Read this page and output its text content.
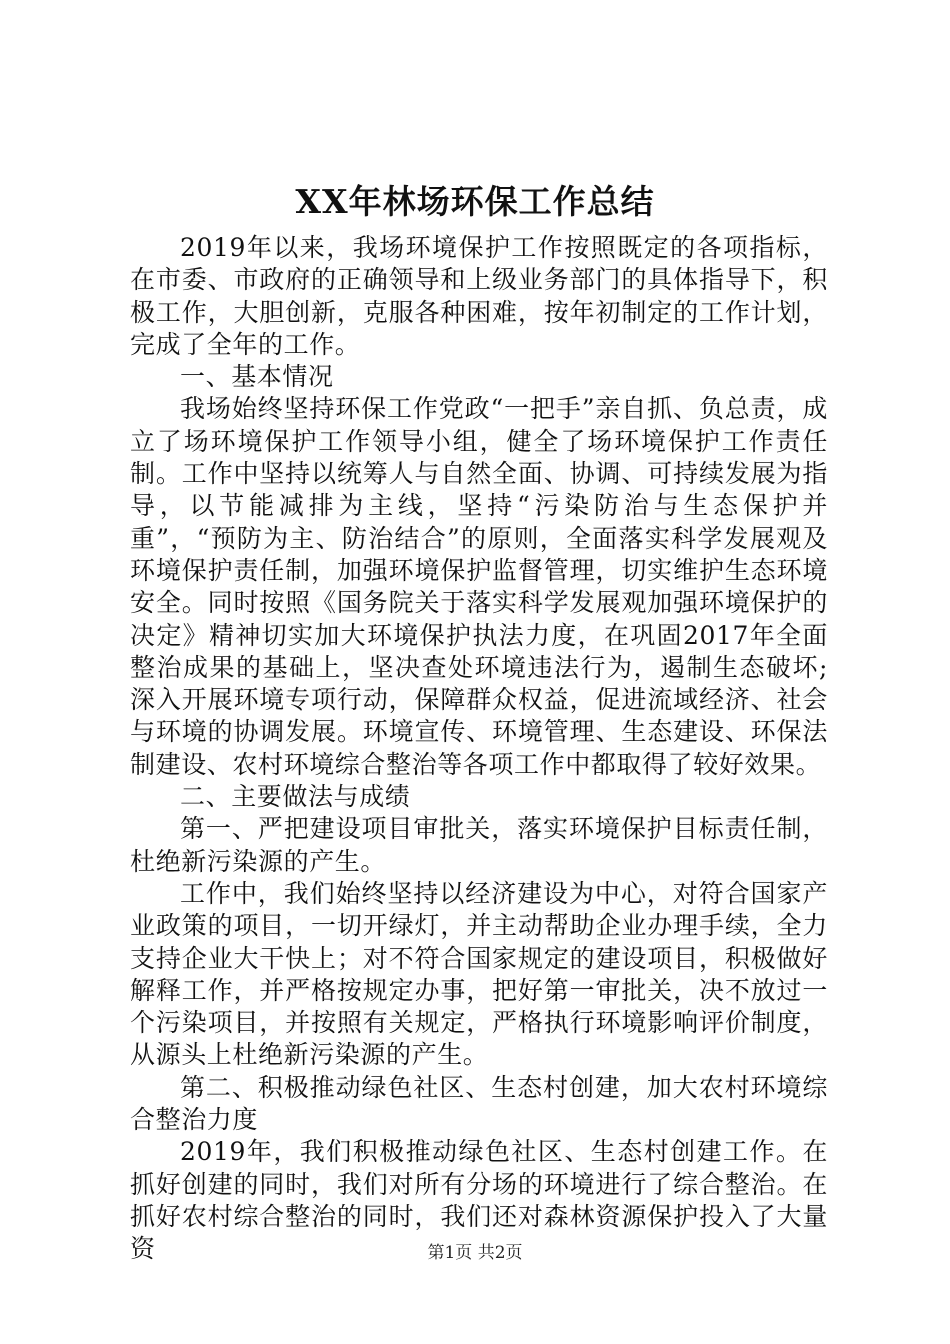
XX年林场环保工作总结

2019年以来，我场环境保护工作按照既定的各项指标，在市委、市政府的正确领导和上级业务部门的具体指导下，积极工作，大胆创新，克服各种困难，按年初制定的工作计划，完成了全年的工作。

一、基本情况

我场始终坚持环保工作党政“一把手”亲自抓、负总责，成立了场环境保护工作领导小组，健全了场环境保护工作责任制。工作中坚持以统筹人与自然全面、协调、可持续发展为指导，以节能减排为主线，坚持“污染防治与生态保护并重”，“预防为主、防治结合”的原则，全面落实科学发展观及环境保护责任制，加强环境保护监督管理，切实维护生态环境安全。同时按照《国务院关于落实科学发展观加强环境保护的决定》精神切实加大环境保护执法力度，在巩固2017年全面整治成果的基础上，坚决查处环境违法行为，遏制生态破坏;深入开展环境专项行动，保障群众权益，促进流域经济、社会与环境的协调发展。环境宣传、环境管理、生态建设、环保法制建设、农村环境综合整治等各项工作中都取得了较好效果。

二、主要做法与成绩

第一、严把建设项目审批关，落实环境保护目标责任制，杜绝新污染源的产生。

工作中，我们始终坚持以经济建设为中心，对符合国家产业政策的项目，一切开绿灯，并主动帮助企业办理手续，全力支持企业大干快上；对不符合国家规定的建设项目，积极做好解释工作，并严格按规定办事，把好第一审批关，决不放过一个污染项目，并按照有关规定，严格执行环境影响评价制度，从源头上杜绝新污染源的产生。

第二、积极推动绿色社区、生态村创建，加大农村环境综合整治力度

2019年，我们积极推动绿色社区、生态村创建工作。在抓好创建的同时，我们对所有分场的环境进行了综合整治。在抓好农村综合整治的同时，我们还对森林资源保护投入了大量资	第1页 共2页
